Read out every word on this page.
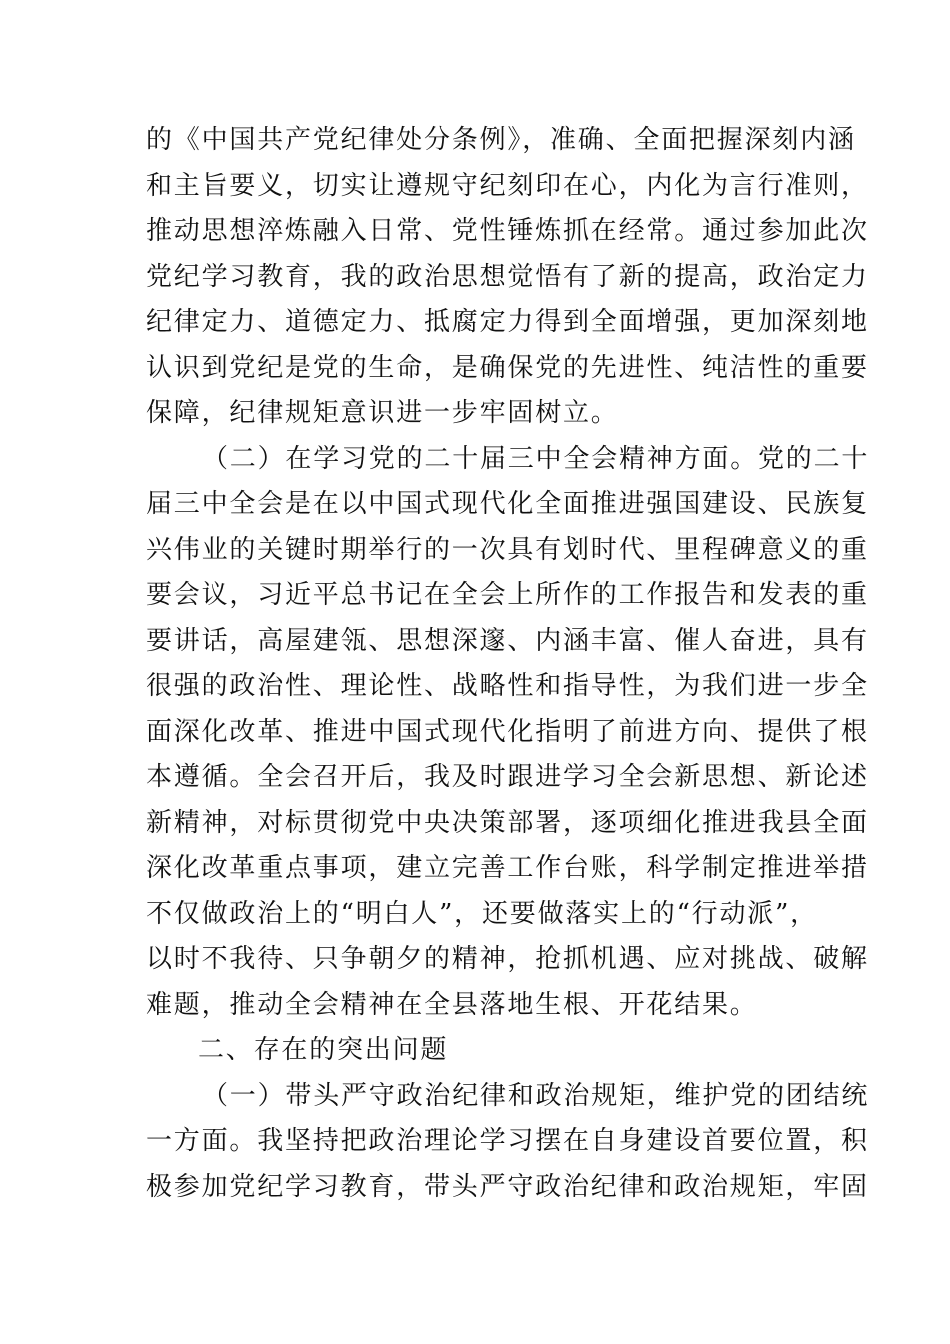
的《中国共产党纪律处分条例》，准确、全面把握深刻内涵
和主旨要义，切实让遵规守纪刻印在心，内化为言行准则，
推动思想淬炼融入日常、党性锤炼抓在经常。通过参加此次
党纪学习教育，我的政治思想觉悟有了新的提高，政治定力
纪律定力、道德定力、抵腐定力得到全面增强，更加深刻地
认识到党纪是党的生命，是确保党的先进性、纯洁性的重要
保障，纪律规矩意识进一步牢固树立。
（二）在学习党的二十届三中全会精神方面。党的二十
届三中全会是在以中国式现代化全面推进强国建设、民族复
兴伟业的关键时期举行的一次具有划时代、里程碑意义的重
要会议，习近平总书记在全会上所作的工作报告和发表的重
要讲话，高屋建瓴、思想深邃、内涵丰富、催人奋进，具有
很强的政治性、理论性、战略性和指导性，为我们进一步全
面深化改革、推进中国式现代化指明了前进方向、提供了根
本遵循。全会召开后，我及时跟进学习全会新思想、新论述
新精神，对标贯彻党中央决策部署，逐项细化推进我县全面
深化改革重点事项，建立完善工作台账，科学制定推进举措
不仅做政治上的“明白人”，还要做落实上的“行动派”，
以时不我待、只争朝夕的精神，抢抓机遇、应对挑战、破解
难题，推动全会精神在全县落地生根、开花结果。
二、存在的突出问题
（一）带头严守政治纪律和政治规矩，维护党的团结统
一方面。我坚持把政治理论学习摆在自身建设首要位置，积
极参加党纪学习教育，带头严守政治纪律和政治规矩，牢固
